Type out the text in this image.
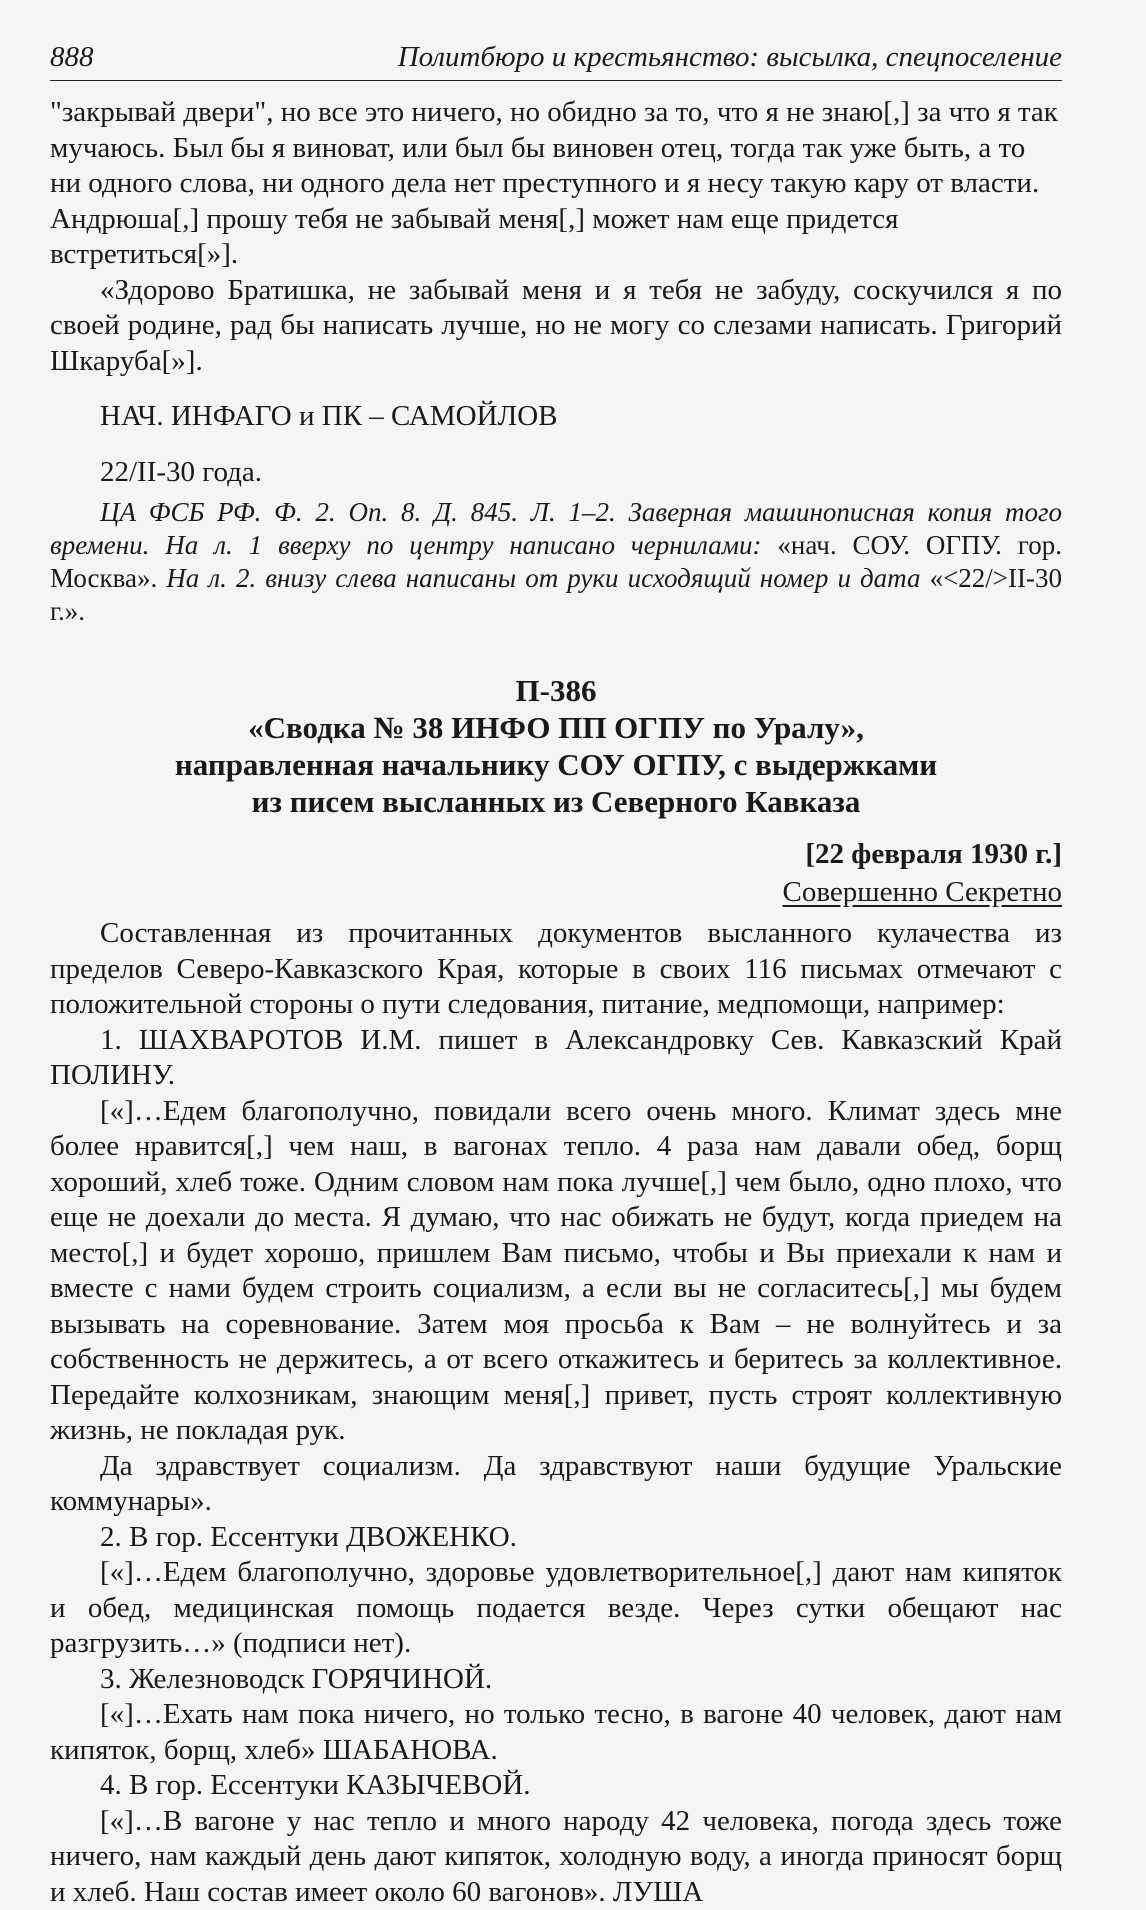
888	Политбюро и крестьянство: высылка, спецпоселение

"закрывай двери", но все это ничего, но обидно за то, что я не знаю[,] за что я так мучаюсь. Был бы я виноват, или был бы виновен отец, тогда так уже быть, а то ни одного слова, ни одного дела нет преступного и я несу такую кару от власти. Андрюша[,] прошу тебя не забывай меня[,] может нам еще придется встретиться[»].

«Здорово Братишка, не забывай меня и я тебя не забуду, соскучился я по своей родине, рад бы написать лучше, но не могу со слезами написать. Григорий Шкаруба[»].

НАЧ. ИНФАГО и ПК – САМОЙЛОВ

22/II-30 года.

ЦА ФСБ РФ. Ф. 2. Оп. 8. Д. 845. Л. 1–2. Заверная машинописная копия того времени. На л. 1 вверху по центру написано чернилами: «нач. СОУ. ОГПУ. гор. Москва». На л. 2. внизу слева написаны от руки исходящий номер и дата «<22/>II-30 г.».

П-386
«Сводка № 38 ИНФО ПП ОГПУ по Уралу»,
направленная начальнику СОУ ОГПУ, с выдержками
из писем высланных из Северного Кавказа
[22 февраля 1930 г.]
Совершенно Секретно

Составленная из прочитанных документов высланного кулачества из пределов Северо-Кавказского Края, которые в своих 116 письмах отмечают с положительной стороны о пути следования, питание, медпомощи, например:

1. ШАХВАРОТОВ И.М. пишет в Александровку Сев. Кавказский Край ПОЛИНУ.

[«]…Едем благополучно, повидали всего очень много. Климат здесь мне более нравится[,] чем наш, в вагонах тепло. 4 раза нам давали обед, борщ хороший, хлеб тоже. Одним словом нам пока лучше[,] чем было, одно плохо, что еще не доехали до места. Я думаю, что нас обижать не будут, когда приедем на место[,] и будет хорошо, пришлем Вам письмо, чтобы и Вы приехали к нам и вместе с нами будем строить социализм, а если вы не согласитесь[,] мы будем вызывать на соревнование. Затем моя просьба к Вам – не волнуйтесь и за собственность не держитесь, а от всего откажитесь и беритесь за коллективное. Передайте колхозникам, знающим меня[,] привет, пусть строят коллективную жизнь, не покладая рук.

Да здравствует социализм. Да здравствуют наши будущие Уральские коммунары».

2. В гор. Ессентуки ДВОЖЕНКО.

[«]…Едем благополучно, здоровье удовлетворительное[,] дают нам кипяток и обед, медицинская помощь подается везде. Через сутки обещают нас разгрузить…» (подписи нет).

3. Железноводск ГОРЯЧИНОЙ.

[«]…Ехать нам пока ничего, но только тесно, в вагоне 40 человек, дают нам кипяток, борщ, хлеб» ШАБАНОВА.

4. В гор. Ессентуки КАЗЫЧЕВОЙ.

[«]…В вагоне у нас тепло и много народу 42 человека, погода здесь тоже ничего, нам каждый день дают кипяток, холодную воду, а иногда приносят борщ и хлеб. Наш состав имеет около 60 вагонов». ЛУША
